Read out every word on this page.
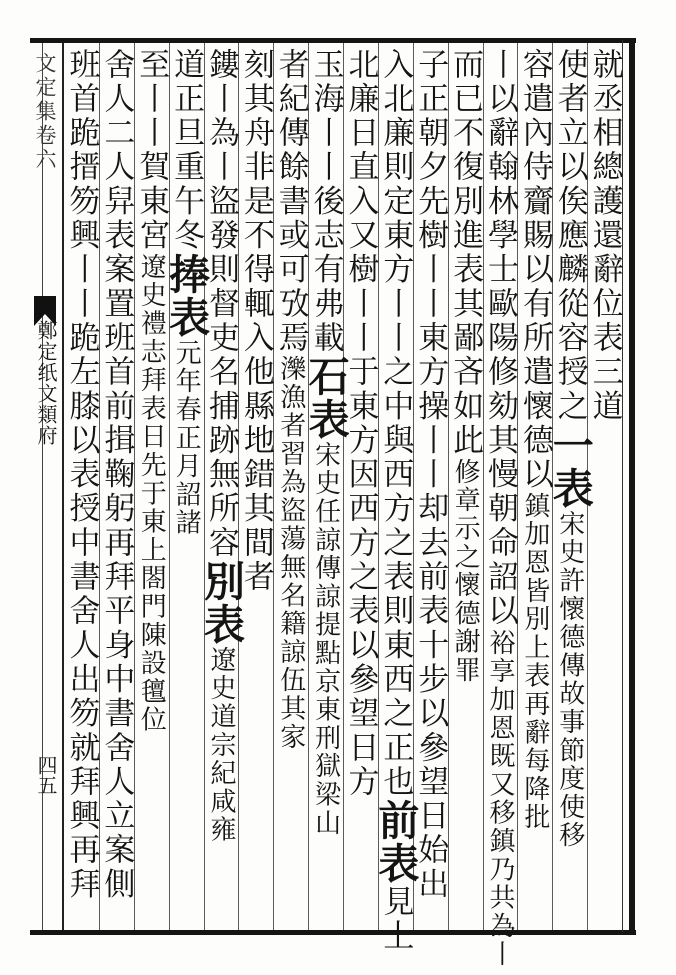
文定集卷六
鄭定纸文類府
四五
就丞相總護還辭位表三道
使者立以俟應麟從容授之
一表
宋史許懷德傳故事節度使移
容遣內侍齎賜以有所遣懷德以
鎮加恩皆別上表再辭每降批
丨以辭翰林學士歐陽修劾其慢朝命詔以
裕享加恩既又移鎮乃共為丨
而已不復別進表其鄙吝如此
修章示之懷德謝罪
子正朝夕先樹丨丨東方操丨丨却去前表十步以參望日始出
入北廉則定東方丨丨之中與西方之表則東西之正也
前表
見上
北廉日直入又樹丨丨于東方因西方之表以參望日方
玉海丨丨後志有弗載
石表
宋史任諒傳諒提點京東刑獄梁山
者紀傳餘書或可攷焉
濼漁者習為盜蕩無名籍諒伍其家
刻其舟非是不得輒入他縣地錯其間者
鏤丨為丨盜發則督吏名捕跡無所容
別表
遼史道宗紀咸雍
道正旦重午冬
捧表
元年春正月詔諸
至丨丨賀東宮
遼史禮志拜表日先于東上閤門陳設氊位
舍人二人舁表案置班首前揖鞠躬再拜平身中書舍人立案側
班首跪搢笏興丨丨跪左膝以表授中書舍人出笏就拜興再拜
